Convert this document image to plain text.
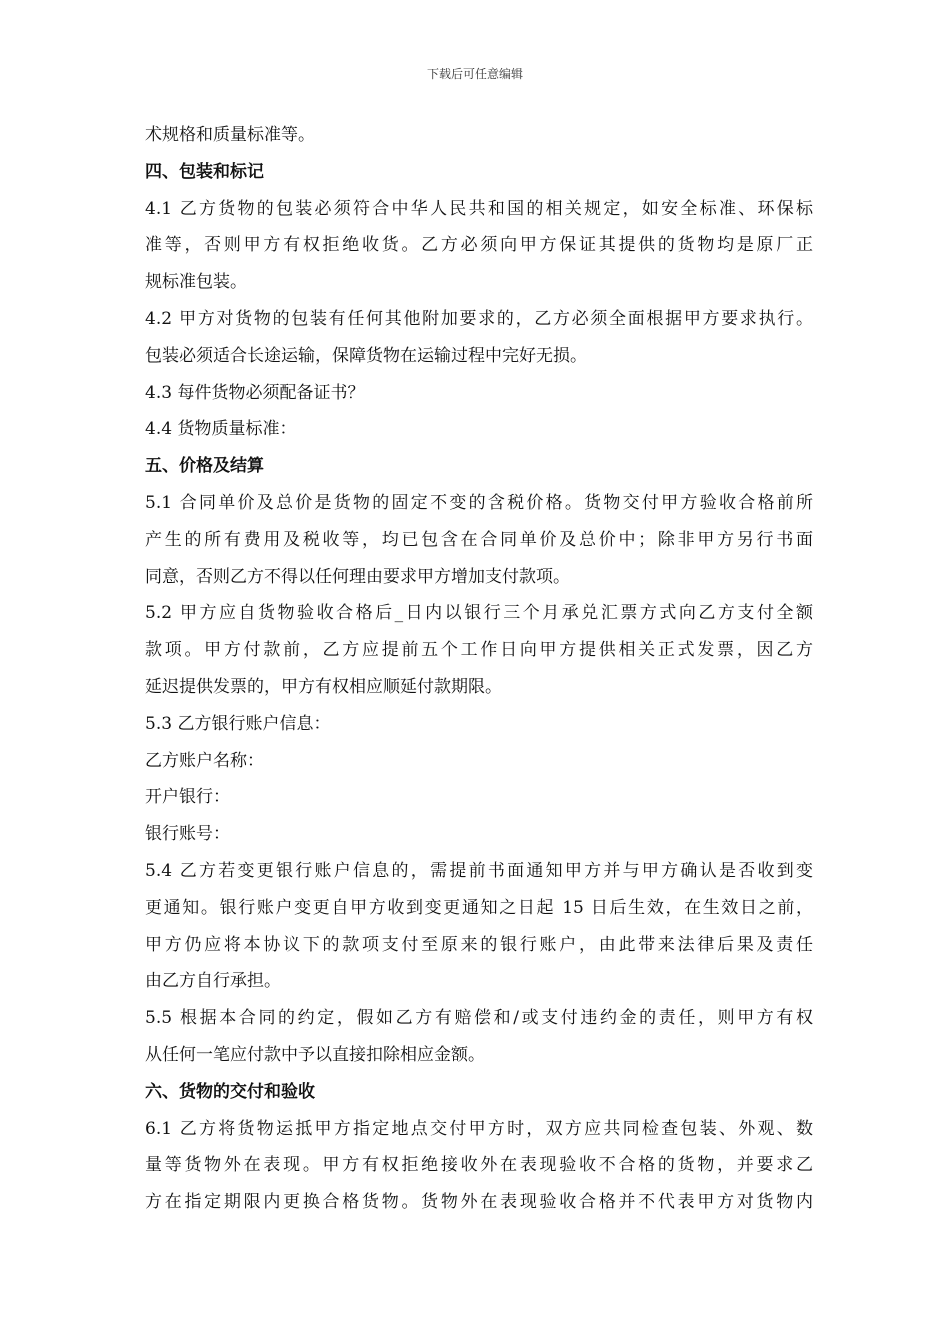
下载后可任意编辑
术规格和质量标准等。
四、包装和标记
4.1 乙方货物的包装必须符合中华人民共和国的相关规定，如安全标准、环保标
准等，否则甲方有权拒绝收货。乙方必须向甲方保证其提供的货物均是原厂正
规标准包装。
4.2 甲方对货物的包装有任何其他附加要求的，乙方必须全面根据甲方要求执行。
包装必须适合长途运输，保障货物在运输过程中完好无损。
4.3 每件货物必须配备证书？
4.4 货物质量标准：
五、价格及结算
5.1 合同单价及总价是货物的固定不变的含税价格。货物交付甲方验收合格前所
产生的所有费用及税收等，均已包含在合同单价及总价中；除非甲方另行书面
同意，否则乙方不得以任何理由要求甲方增加支付款项。
5.2 甲方应自货物验收合格后_日内以银行三个月承兑汇票方式向乙方支付全额
款项。甲方付款前，乙方应提前五个工作日向甲方提供相关正式发票，因乙方
延迟提供发票的，甲方有权相应顺延付款期限。
5.3 乙方银行账户信息：
乙方账户名称：
开户银行：
银行账号：
5.4 乙方若变更银行账户信息的，需提前书面通知甲方并与甲方确认是否收到变
更通知。银行账户变更自甲方收到变更通知之日起 15 日后生效，在生效日之前，
甲方仍应将本协议下的款项支付至原来的银行账户，由此带来法律后果及责任
由乙方自行承担。
5.5 根据本合同的约定，假如乙方有赔偿和/或支付违约金的责任，则甲方有权
从任何一笔应付款中予以直接扣除相应金额。
六、货物的交付和验收
6.1 乙方将货物运抵甲方指定地点交付甲方时，双方应共同检查包装、外观、数
量等货物外在表现。甲方有权拒绝接收外在表现验收不合格的货物，并要求乙
方在指定期限内更换合格货物。货物外在表现验收合格并不代表甲方对货物内
